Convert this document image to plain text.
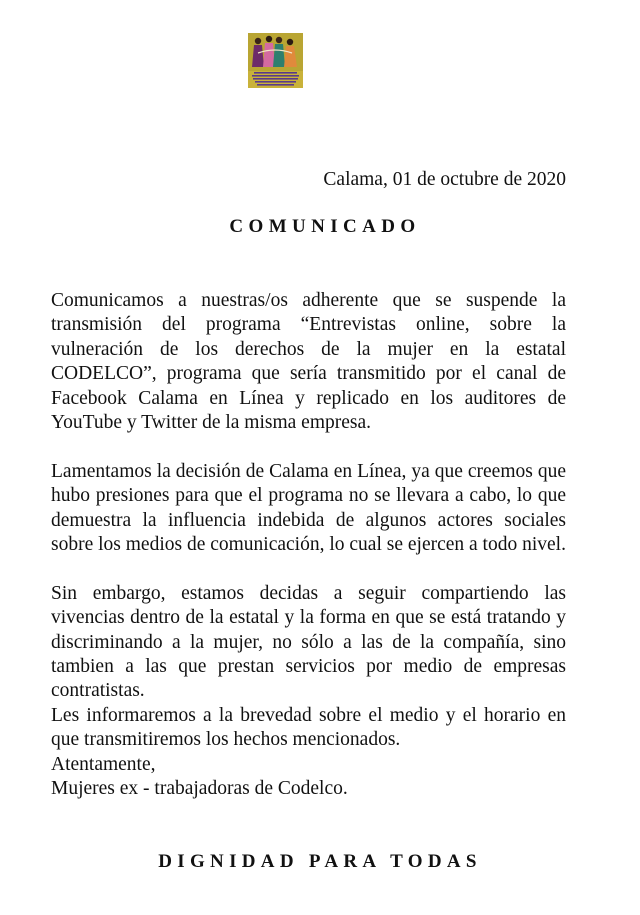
Calama, 01 de octubre de 2020
COMUNICADO

Comunicamos a nuestras/os adherente que se suspende la transmisión del programa “Entrevistas online, sobre la vulneración de los derechos de la mujer en la estatal CODELCO”, programa que sería transmitido por el canal de Facebook Calama en Línea y replicado en los auditores de YouTube y Twitter de la misma empresa.

Lamentamos la decisión de Calama en Línea, ya que creemos que hubo presiones para que el programa no se llevara a cabo, lo que demuestra la influencia indebida de algunos actores sociales sobre los medios de comunicación, lo cual se ejercen a todo nivel.

Sin embargo, estamos decidas a seguir compartiendo las vivencias dentro de la estatal y la forma en que se está tratando y discriminando a la mujer, no sólo a las de la compañía, sino tambien a las que prestan servicios por medio de empresas contratistas.

Les informaremos a la brevedad sobre el medio y el horario en que transmitiremos los hechos mencionados.

Atentamente,

Mujeres ex - trabajadoras de Codelco.

DIGNIDAD PARA TODAS
